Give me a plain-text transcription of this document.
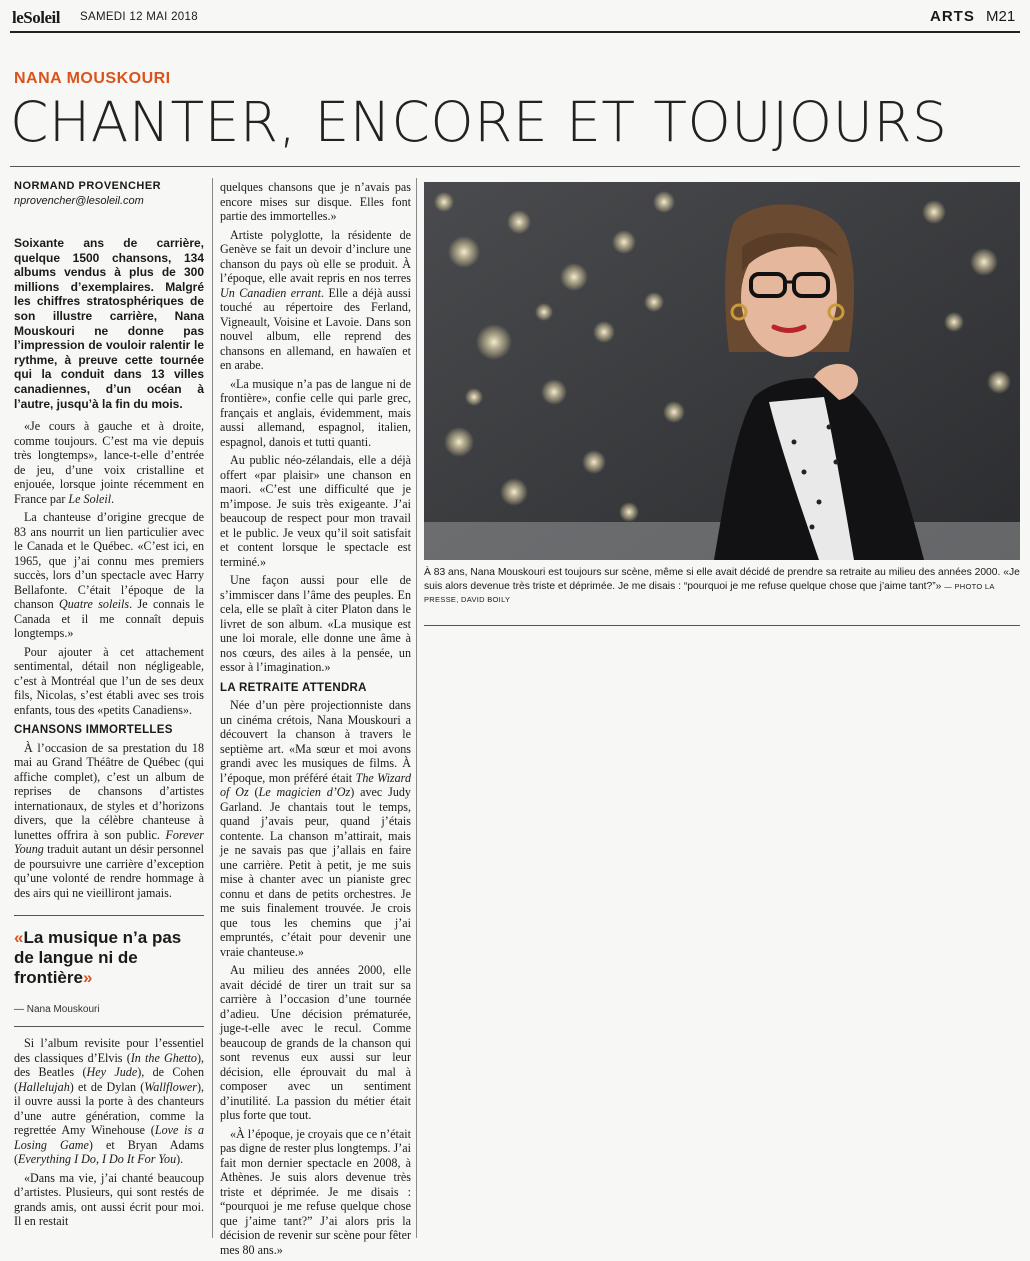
leSoleil SAMEDI 12 MAI 2018	ARTS M21
NANA MOUSKOURI
CHANTER, ENCORE ET TOUJOURS
NORMAND PROVENCHER
nprovencher@lesoleil.com

Soixante ans de carrière, quelque 1500 chansons, 134 albums vendus à plus de 300 millions d’exemplaires. Malgré les chiffres stratosphériques de son illustre carrière, Nana Mouskouri ne donne pas l’impression de vouloir ralentir le rythme, à preuve cette tournée qui la conduit dans 13 villes canadiennes, d’un océan à l’autre, jusqu’à la fin du mois.

«Je cours à gauche et à droite, comme toujours. C’est ma vie depuis très longtemps», lance-t-elle d’entrée de jeu, d’une voix cristalline et enjouée, lorsque jointe récemment en France par Le Soleil.

La chanteuse d’origine grecque de 83 ans nourrit un lien particulier avec le Canada et le Québec. «C’est ici, en 1965, que j’ai connu mes premiers succès, lors d’un spectacle avec Harry Bellafonte. C’était l’époque de la chanson Quatre soleils. Je connais le Canada et il me connaît depuis longtemps.»

Pour ajouter à cet attachement sentimental, détail non négligeable, c’est à Montréal que l’un de ses deux fils, Nicolas, s’est établi avec ses trois enfants, tous des «petits Canadiens».

CHANSONS IMMORTELLES

À l’occasion de sa prestation du 18 mai au Grand Théâtre de Québec (qui affiche complet), c’est un album de reprises de chansons d’artistes internationaux, de styles et d’horizons divers, que la célèbre chanteuse à lunettes offrira à son public. Forever Young traduit autant un désir personnel de poursuivre une carrière d’exception qu’une volonté de rendre hommage à des airs qui ne vieilliront jamais.

«La musique n’a pas de langue ni de frontière»
— Nana Mouskouri

Si l’album revisite pour l’essentiel des classiques d’Elvis (In the Ghetto), des Beatles (Hey Jude), de Cohen (Hallelujah) et de Dylan (Wallflower), il ouvre aussi la porte à des chanteurs d’une autre génération, comme la regrettée Amy Winehouse (Love is a Losing Game) et Bryan Adams (Everything I Do, I Do It For You).

«Dans ma vie, j’ai chanté beaucoup d’artistes. Plusieurs, qui sont restés de grands amis, ont aussi écrit pour moi. Il en restait

quelques chansons que je n’avais pas encore mises sur disque. Elles font partie des immortelles.»

Artiste polyglotte, la résidente de Genève se fait un devoir d’inclure une chanson du pays où elle se produit. À l’époque, elle avait repris en nos terres Un Canadien errant. Elle a déjà aussi touché au répertoire des Ferland, Vigneault, Voisine et Lavoie. Dans son nouvel album, elle reprend des chansons en allemand, en hawaïen et en arabe.

«La musique n’a pas de langue ni de frontière», confie celle qui parle grec, français et anglais, évidemment, mais aussi allemand, espagnol, italien, espagnol, danois et tutti quanti.

Au public néo-zélandais, elle a déjà offert «par plaisir» une chanson en maori. «C’est une difficulté que je m’impose. Je suis très exigeante. J’ai beaucoup de respect pour mon travail et le public. Je veux qu’il soit satisfait et content lorsque le spectacle est terminé.»

Une façon aussi pour elle de s’immiscer dans l’âme des peuples. En cela, elle se plaît à citer Platon dans le livret de son album. «La musique est une loi morale, elle donne une âme à nos cœurs, des ailes à la pensée, un essor à l’imagination.»

LA RETRAITE ATTENDRA

Née d’un père projectionniste dans un cinéma crétois, Nana Mouskouri a découvert la chanson à travers le septième art. «Ma sœur et moi avons grandi avec les musiques de films. À l’époque, mon préféré était The Wizard of Oz (Le magicien d’Oz) avec Judy Garland. Je chantais tout le temps, quand j’avais peur, quand j’étais contente. La chanson m’attirait, mais je ne savais pas que j’allais en faire une carrière. Petit à petit, je me suis mise à chanter avec un pianiste grec connu et dans de petits orchestres. Je me suis finalement trouvée. Je crois que tous les chemins que j’ai empruntés, c’était pour devenir une vraie chanteuse.»

Au milieu des années 2000, elle avait décidé de tirer un trait sur sa carrière à l’occasion d’une tournée d’adieu. Une décision prématurée, juge-t-elle avec le recul. Comme beaucoup de grands de la chanson qui sont revenus eux aussi sur leur décision, elle éprouvait du mal à composer avec un sentiment d’inutilité. La passion du métier était plus forte que tout.

«À l’époque, je croyais que ce n’était pas digne de rester plus longtemps. J’ai fait mon dernier spectacle en 2008, à Athènes. Je suis alors devenue très triste et déprimée. Je me disais : “pourquoi je me refuse quelque chose que j’aime tant?” J’ai alors pris la décision de revenir sur scène pour fêter mes 80 ans.»

À 83 ans, Nana Mouskouri est toujours sur scène, même si elle avait décidé de prendre sa retraite au milieu des années 2000. «Je suis alors devenue très triste et déprimée. Je me disais : “pourquoi je me refuse quelque chose que j’aime tant?”» — PHOTO LA PRESSE, DAVID BOILY
